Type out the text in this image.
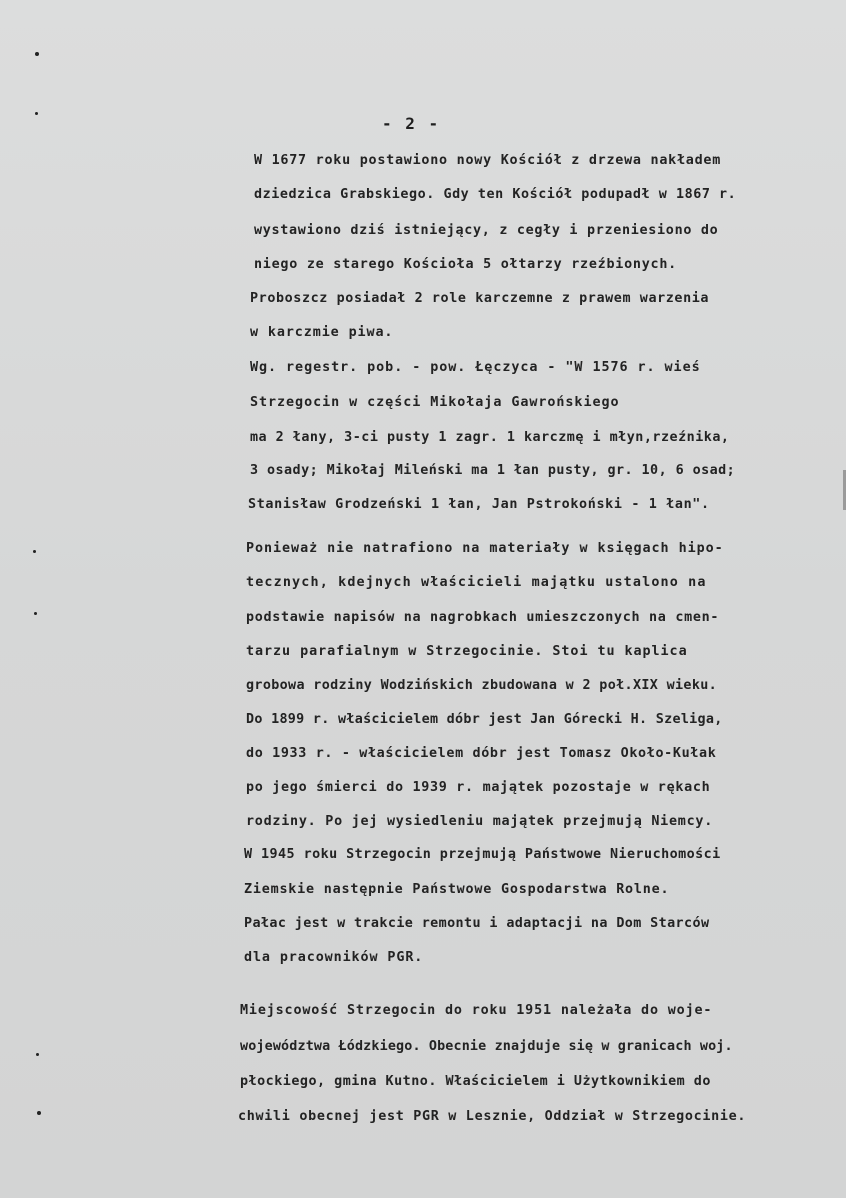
- 2 -
W 1677 roku postawiono nowy Kościół z drzewa nakładem
dziedzica Grabskiego. Gdy ten Kościół podupadł w 1867 r.
wystawiono dziś istniejący, z cegły i przeniesiono do
niego ze starego Kościoła 5 ołtarzy rzeźbionych.
Proboszcz posiadał 2 role karczemne z prawem warzenia
w karczmie piwa.
Wg. regestr. pob. - pow. Łęczyca - "W 1576 r. wieś
Strzegocin w części Mikołaja Gawrońskiego
ma 2 łany, 3-ci pusty 1 zagr. 1 karczmę i młyn,rzeźnika,
3 osady; Mikołaj Mileński ma 1 łan pusty, gr. 10, 6 osad;
Stanisław Grodzeński 1 łan, Jan Pstrokoński - 1 łan".
Ponieważ nie natrafiono na materiały w księgach hipo-
tecznych, kdejnych właścicieli majątku ustalono na
podstawie napisów na nagrobkach umieszczonych na cmen-
tarzu parafialnym w Strzegocinie. Stoi tu kaplica
grobowa rodziny Wodzińskich zbudowana w 2 poł.XIX wieku.
Do 1899 r. właścicielem dóbr jest Jan Górecki H. Szeliga,
do 1933 r. - właścicielem dóbr jest Tomasz Około-Kułak
po jego śmierci do 1939 r. majątek pozostaje w rękach
rodziny. Po jej wysiedleniu majątek przejmują Niemcy.
W 1945 roku Strzegocin przejmują Państwowe Nieruchomości
Ziemskie następnie Państwowe Gospodarstwa Rolne.
Pałac jest w trakcie remontu i adaptacji na Dom Starców
dla pracowników PGR.
Miejscowość Strzegocin do roku 1951 należała do woje-
województwa Łódzkiego. Obecnie znajduje się w granicach woj.
płockiego, gmina Kutno. Właścicielem i Użytkownikiem do
chwili obecnej jest PGR w Lesznie, Oddział w Strzegocinie.
